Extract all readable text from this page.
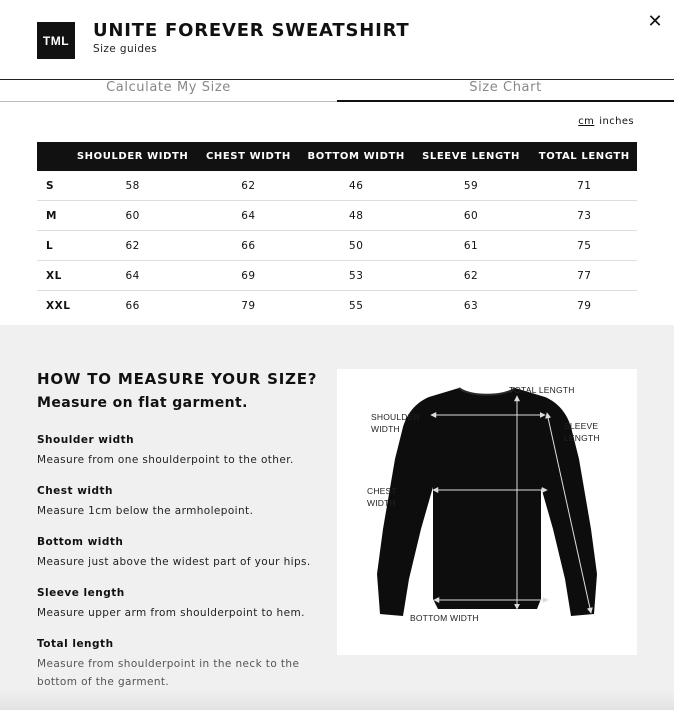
TML UNITE FOREVER SWEATSHIRT
Size guides
✕
Calculate My Size	Size Chart
cm inches
	SHOULDER WIDTH	CHEST WIDTH	BOTTOM WIDTH	SLEEVE LENGTH	TOTAL LENGTH
S	58	62	46	59	71
M	60	64	48	60	73
L	62	66	50	61	75
XL	64	69	53	62	77
XXL	66	79	55	63	79
HOW TO MEASURE YOUR SIZE?
Measure on flat garment.
Shoulder width
Measure from one shoulderpoint to the other.
Chest width
Measure 1cm below the armholepoint.
Bottom width
Measure just above the widest part of your hips.
Sleeve length
Measure upper arm from shoulderpoint to hem.
Total length
Measure from shoulderpoint in the neck to the bottom of the garment.
TOTAL LENGTH
SHOULDER
WIDTH	SLEEVE
LENGTH
CHEST
WIDTH
BOTTOM WIDTH
